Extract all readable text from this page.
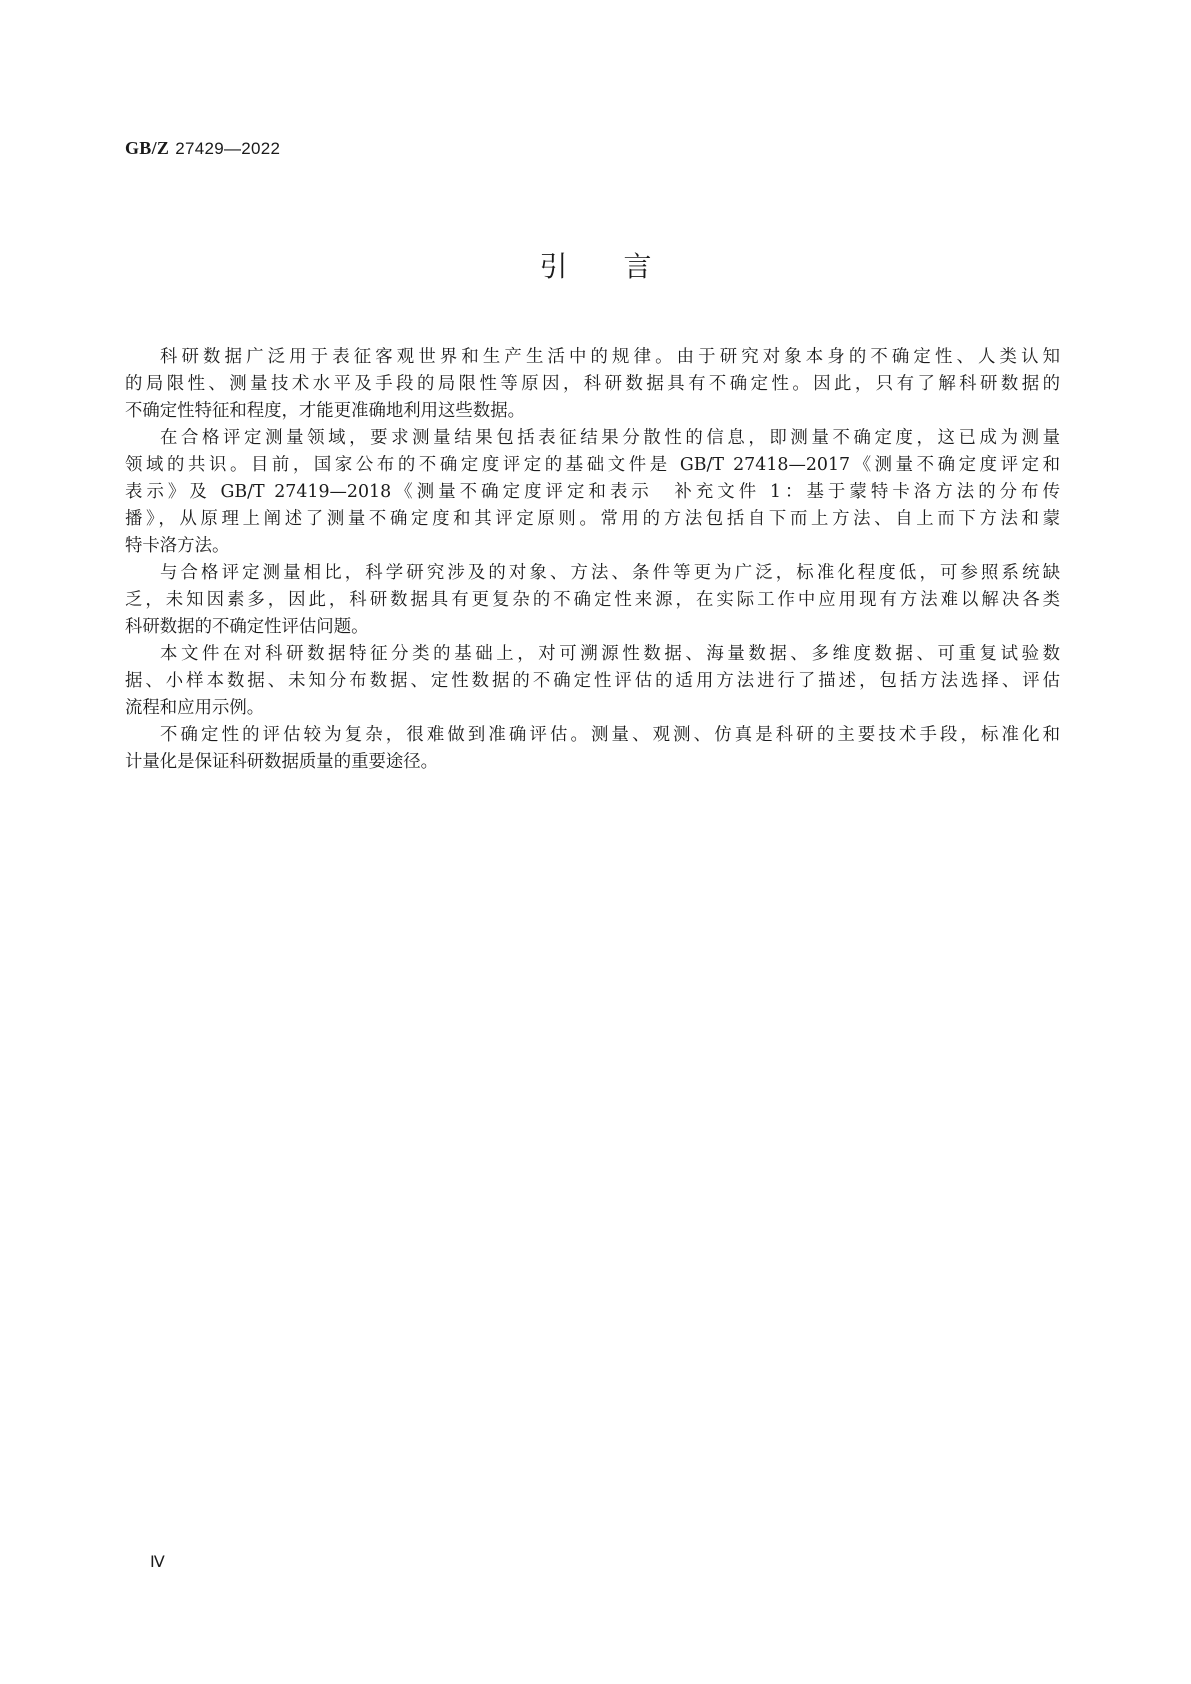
GB/Z 27429—2022
引言
科研数据广泛用于表征客观世界和生产生活中的规律。由于研究对象本身的不确定性、人类认知
的局限性、测量技术水平及手段的局限性等原因，科研数据具有不确定性。因此，只有了解科研数据的
不确定性特征和程度，才能更准确地利用这些数据。
在合格评定测量领域，要求测量结果包括表征结果分散性的信息，即测量不确定度，这已成为测量
领域的共识。目前，国家公布的不确定度评定的基础文件是 GB/T 27418—2017《测量不确定度评定和
表示》及 GB/T 27419—2018《测量不确定度评定和表示　补充文件 1：基于蒙特卡洛方法的分布传
播》，从原理上阐述了测量不确定度和其评定原则。常用的方法包括自下而上方法、自上而下方法和蒙
特卡洛方法。
与合格评定测量相比，科学研究涉及的对象、方法、条件等更为广泛，标准化程度低，可参照系统缺
乏，未知因素多，因此，科研数据具有更复杂的不确定性来源，在实际工作中应用现有方法难以解决各类
科研数据的不确定性评估问题。
本文件在对科研数据特征分类的基础上，对可溯源性数据、海量数据、多维度数据、可重复试验数
据、小样本数据、未知分布数据、定性数据的不确定性评估的适用方法进行了描述，包括方法选择、评估
流程和应用示例。
不确定性的评估较为复杂，很难做到准确评估。测量、观测、仿真是科研的主要技术手段，标准化和
计量化是保证科研数据质量的重要途径。
Ⅳ
